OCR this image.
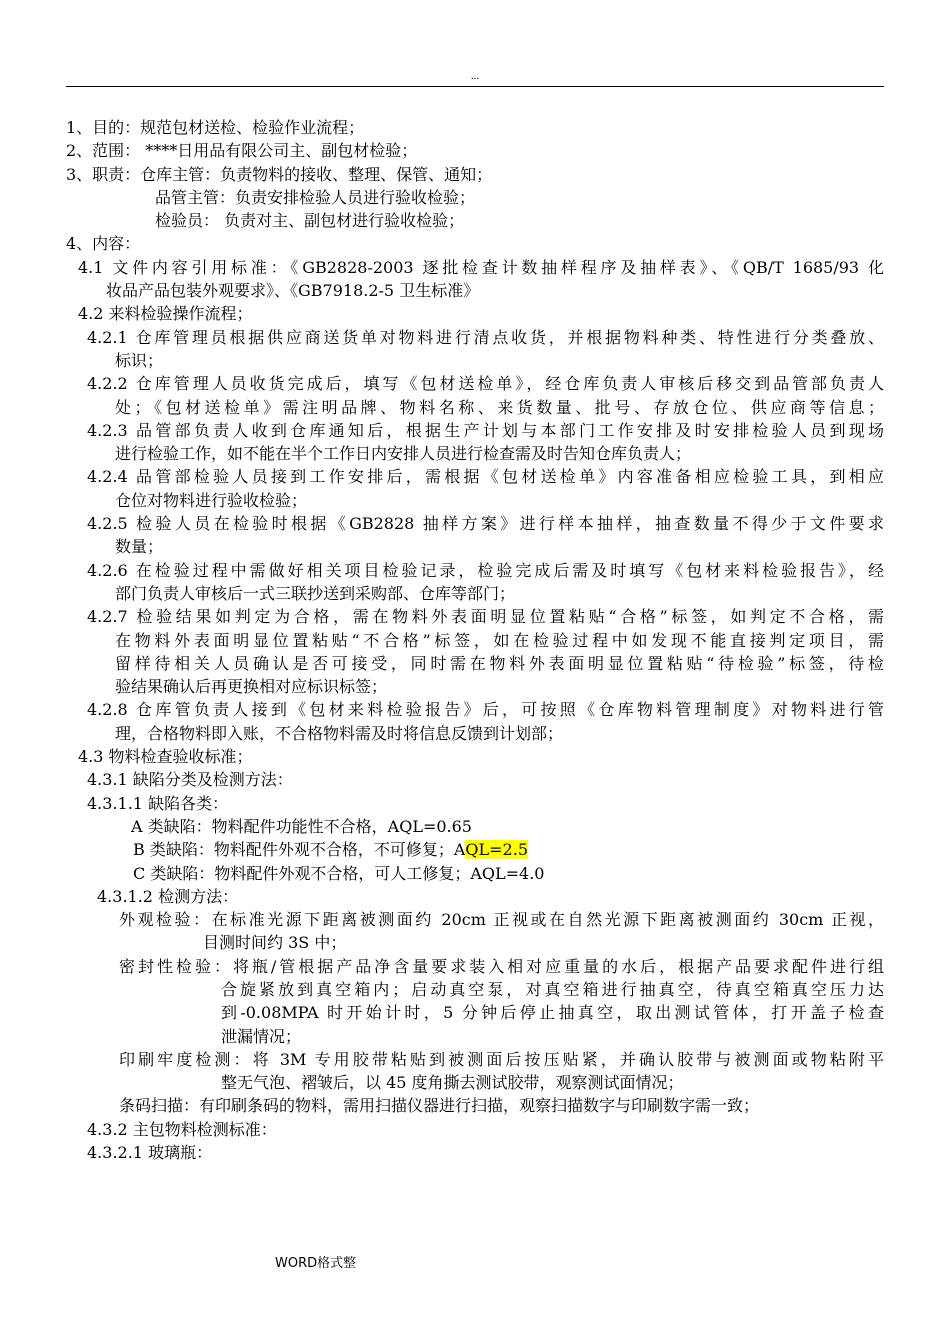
...
1、目的：规范包材送检、检验作业流程；
2、范围： ****日用品有限公司主、副包材检验；
3、职责：仓库主管：负责物料的接收、整理、保管、通知；
品管主管：负责安排检验人员进行验收检验；
检验员： 负责对主、副包材进行验收检验；
4、内容：
4.1 文件内容引用标准：《GB2828-2003 逐批检查计数抽样程序及抽样表》、《QB/T 1685/93 化
妆品产品包装外观要求》、《GB7918.2-5 卫生标准》
4.2 来料检验操作流程；
4.2.1 仓库管理员根据供应商送货单对物料进行清点收货，并根据物料种类、特性进行分类叠放、
标识；
4.2.2 仓库管理人员收货完成后，填写《包材送检单》，经仓库负责人审核后移交到品管部负责人
处；《包材送检单》需注明品牌、物料名称、来货数量、批号、存放仓位、供应商等信息；
4.2.3 品管部负责人收到仓库通知后，根据生产计划与本部门工作安排及时安排检验人员到现场
进行检验工作，如不能在半个工作日内安排人员进行检查需及时告知仓库负责人；
4.2.4 品管部检验人员接到工作安排后，需根据《包材送检单》内容准备相应检验工具，到相应
仓位对物料进行验收检验；
4.2.5 检验人员在检验时根据《GB2828 抽样方案》进行样本抽样，抽查数量不得少于文件要求
数量；
4.2.6 在检验过程中需做好相关项目检验记录，检验完成后需及时填写《包材来料检验报告》，经
部门负责人审核后一式三联抄送到采购部、仓库等部门；
4.2.7 检验结果如判定为合格，需在物料外表面明显位置粘贴“合格”标签，如判定不合格，需
在物料外表面明显位置粘贴“不合格”标签，如在检验过程中如发现不能直接判定项目，需
留样待相关人员确认是否可接受，同时需在物料外表面明显位置粘贴“待检验”标签，待检
验结果确认后再更换相对应标识标签；
4.2.8 仓库管负责人接到《包材来料检验报告》后，可按照《仓库物料管理制度》对物料进行管
理，合格物料即入账，不合格物料需及时将信息反馈到计划部；
4.3 物料检查验收标准；
4.3.1 缺陷分类及检测方法：
4.3.1.1 缺陷各类：
A 类缺陷：物料配件功能性不合格，AQL=0.65
B 类缺陷：物料配件外观不合格，不可修复；AQL=2.5
C 类缺陷：物料配件外观不合格，可人工修复；AQL=4.0
4.3.1.2 检测方法：
外观检验：在标准光源下距离被测面约 20cm 正视或在自然光源下距离被测面约 30cm 正视，
目测时间约 3S 中；
密封性检验：将瓶/管根据产品净含量要求装入相对应重量的水后，根据产品要求配件进行组
合旋紧放到真空箱内；启动真空泵，对真空箱进行抽真空，待真空箱真空压力达
到-0.08MPA 时开始计时，5 分钟后停止抽真空，取出测试管体，打开盖子检查
泄漏情况；
印刷牢度检测：将 3M 专用胶带粘贴到被测面后按压贴紧，并确认胶带与被测面或物粘附平
整无气泡、褶皱后，以 45 度角撕去测试胶带，观察测试面情况；
条码扫描：有印刷条码的物料，需用扫描仪器进行扫描，观察扫描数字与印刷数字需一致；
4.3.2 主包物料检测标准：
4.3.2.1 玻璃瓶：
WORD格式整
